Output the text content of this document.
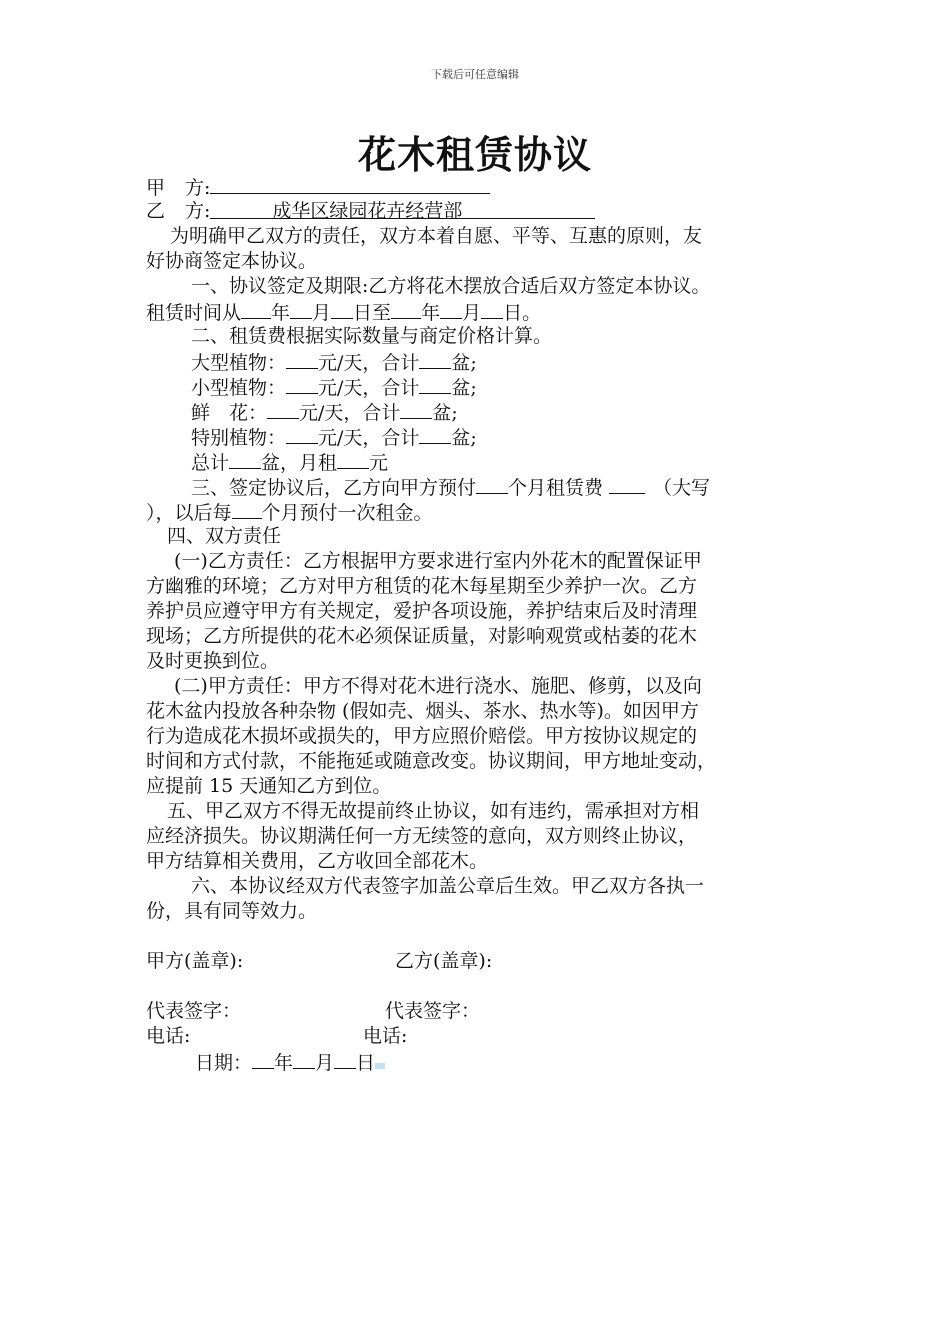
下载后可任意编辑
花木租赁协议
甲 方:
乙 方:	成华区绿园花卉经营部
为明确甲乙双方的责任，双方本着自愿、平等、互惠的原则，友
好协商签定本协议。
一、协议签定及期限:乙方将花木摆放合适后双方签定本协议。
租赁时间从 年 月 日至 年 月 日。
二、租赁费根据实际数量与商定价格计算。
大型植物： 元/天，合计 盆;
小型植物： 元/天，合计 盆;
鲜　花： 元/天，合计 盆;
特别植物： 元/天，合计 盆;
总计 盆，月租 元
三、签定协议后，乙方向甲方预付 个月租赁费	（大写
），以后每 个月预付一次租金。
四、双方责任
(一)乙方责任：乙方根据甲方要求进行室内外花木的配置保证甲
方幽雅的环境；乙方对甲方租赁的花木每星期至少养护一次。乙方
养护员应遵守甲方有关规定，爱护各项设施，养护结束后及时清理
现场；乙方所提供的花木必须保证质量，对影响观赏或枯萎的花木
及时更换到位。
(二)甲方责任：甲方不得对花木进行浇水、施肥、修剪，以及向
花木盆内投放各种杂物 (假如壳、烟头、茶水、热水等)。如因甲方
行为造成花木损坏或损失的，甲方应照价赔偿。甲方按协议规定的
时间和方式付款，不能拖延或随意改变。协议期间，甲方地址变动，
应提前 15 天通知乙方到位。
五、甲乙双方不得无故提前终止协议，如有违约，需承担对方相
应经济损失。协议期满任何一方无续签的意向，双方则终止协议，
甲方结算相关费用，乙方收回全部花木。
六、本协议经双方代表签字加盖公章后生效。甲乙双方各执一
份，具有同等效力。
甲方(盖章):	乙方(盖章):
代表签字：	代表签字：
电话:	电话:
日期： 年 月 日
